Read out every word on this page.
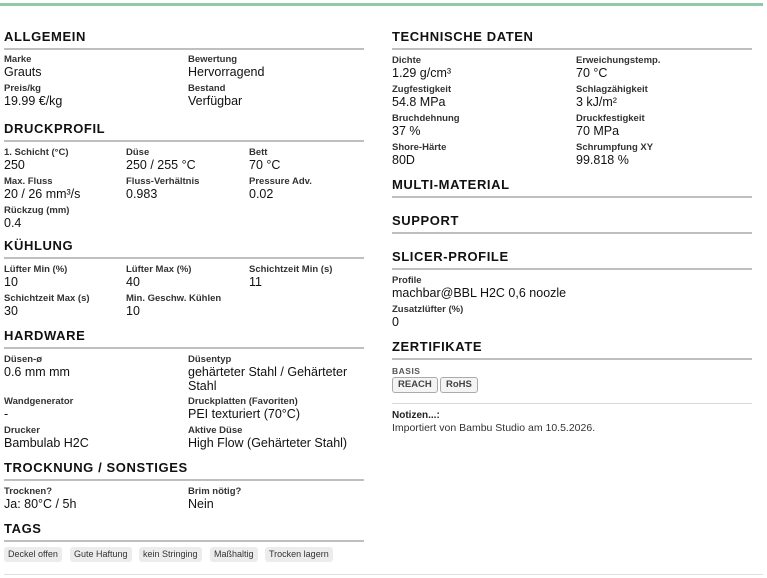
ALLGEMEIN
Marke
Grauts
Bewertung
Hervorragend
Preis/kg
19.99 €/kg
Bestand
Verfügbar
DRUCKPROFIL
1. Schicht (°C)
250
Düse
250 / 255 °C
Bett
70 °C
Max. Fluss
20 / 26 mm³/s
Fluss-Verhältnis
0.983
Pressure Adv.
0.02
Rückzug (mm)
0.4
KÜHLUNG
Lüfter Min (%)
10
Lüfter Max (%)
40
Schichtzeit Min (s)
11
Schichtzeit Max (s)
30
Min. Geschw. Kühlen
10
HARDWARE
Düsen-ø
0.6 mm mm
Düsentyp
gehärteter Stahl / Gehärteter Stahl
Wandgenerator
-
Druckplatten (Favoriten)
PEI texturiert (70°C)
Drucker
Bambulab H2C
Aktive Düse
High Flow (Gehärteter Stahl)
TROCKNUNG / SONSTIGES
Trocknen?
Ja: 80°C / 5h
Brim nötig?
Nein
TAGS
Deckel offen	Gute Haftung	kein Stringing	Maßhaltig	Trocken lagern
TECHNISCHE DATEN
Dichte
1.29 g/cm³
Erweichungstemp.
70 °C
Zugfestigkeit
54.8 MPa
Schlagzähigkeit
3 kJ/m²
Bruchdehnung
37 %
Druckfestigkeit
70 MPa
Shore-Härte
80D
Schrumpfung XY
99.818 %
MULTI-MATERIAL
SUPPORT
SLICER-PROFILE
Profile
machbar@BBL H2C 0,6 noozle
Zusatzlüfter (%)
0
ZERTIFIKATE
BASIS
REACH	RoHS
Notizen...:
Importiert von Bambu Studio am 10.5.2026.
